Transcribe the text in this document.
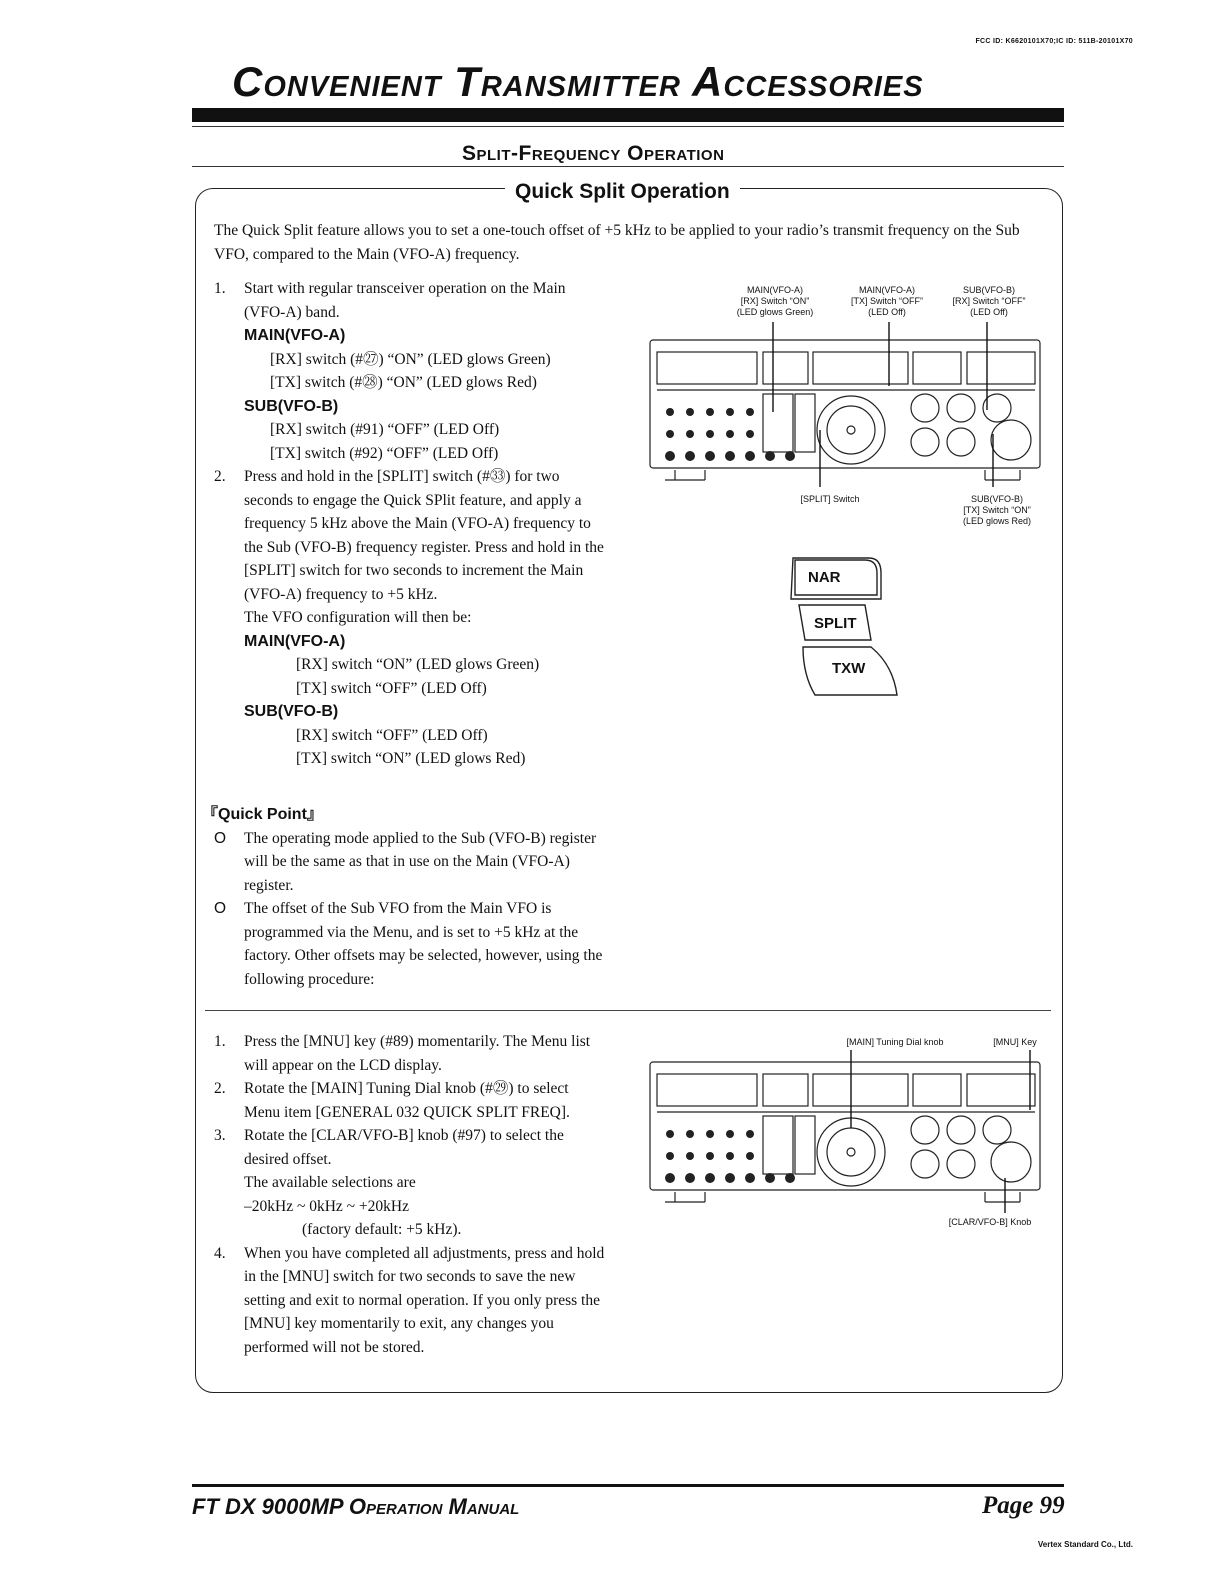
FCC ID: K6620101X70;IC ID: 511B-20101X70
Convenient Transmitter Accessories
Split-Frequency Operation
Quick Split Operation
The Quick Split feature allows you to set a one-touch offset of +5 kHz to be applied to your radio’s transmit frequency on the Sub VFO, compared to the Main (VFO-A) frequency.
1. Start with regular transceiver operation on the Main (VFO-A) band.
MAIN(VFO-A)
[RX] switch (#㉗) “ON” (LED glows Green)
[TX] switch (#㉘) “ON” (LED glows Red)
SUB(VFO-B)
[RX] switch (#91) “OFF” (LED Off)
[TX] switch (#92) “OFF” (LED Off)
2. Press and hold in the [SPLIT] switch (#㉝) for two seconds to engage the Quick SPlit feature, and apply a frequency 5 kHz above the Main (VFO-A) frequency to the Sub (VFO-B) frequency register. Press and hold in the [SPLIT] switch for two seconds to increment the Main (VFO-A) frequency to +5 kHz.
The VFO configuration will then be:
MAIN(VFO-A)
[RX] switch “ON” (LED glows Green)
[TX] switch “OFF” (LED Off)
SUB(VFO-B)
[RX] switch “OFF” (LED Off)
[TX] switch “ON” (LED glows Red)
『Quick Point』
O The operating mode applied to the Sub (VFO-B) register will be the same as that in use on the Main (VFO-A) register.
O The offset of the Sub VFO from the Main VFO is programmed via the Menu, and is set to +5 kHz at the factory. Other offsets may be selected, however, using the following procedure:
1. Press the [MNU] key (#89) momentarily. The Menu list will appear on the LCD display.
2. Rotate the [MAIN] Tuning Dial knob (#㉙) to select Menu item [GENERAL 032 QUICK SPLIT FREQ].
3. Rotate the [CLAR/VFO-B] knob (#97) to select the desired offset.
The available selections are
–20kHz ~ 0kHz ~ +20kHz
(factory default: +5 kHz).
4. When you have completed all adjustments, press and hold in the [MNU] switch for two seconds to save the new setting and exit to normal operation. If you only press the [MNU] key momentarily to exit, any changes you performed will not be stored.
MAIN(VFO-A)
[RX] Switch “ON”
(LED glows Green)
MAIN(VFO-A)
[TX] Switch “OFF”
(LED Off)
SUB(VFO-B)
[RX] Switch “OFF”
(LED Off)
[SPLIT] Switch	SUB(VFO-B)
[TX] Switch “ON”
(LED glows Red)
NAR
SPLIT
TXW
[MAIN] Tuning Dial knob	[MNU] Key
[CLAR/VFO-B] Knob
FT DX 9000MP Operation Manual	Page 99
Vertex Standard Co., Ltd.
